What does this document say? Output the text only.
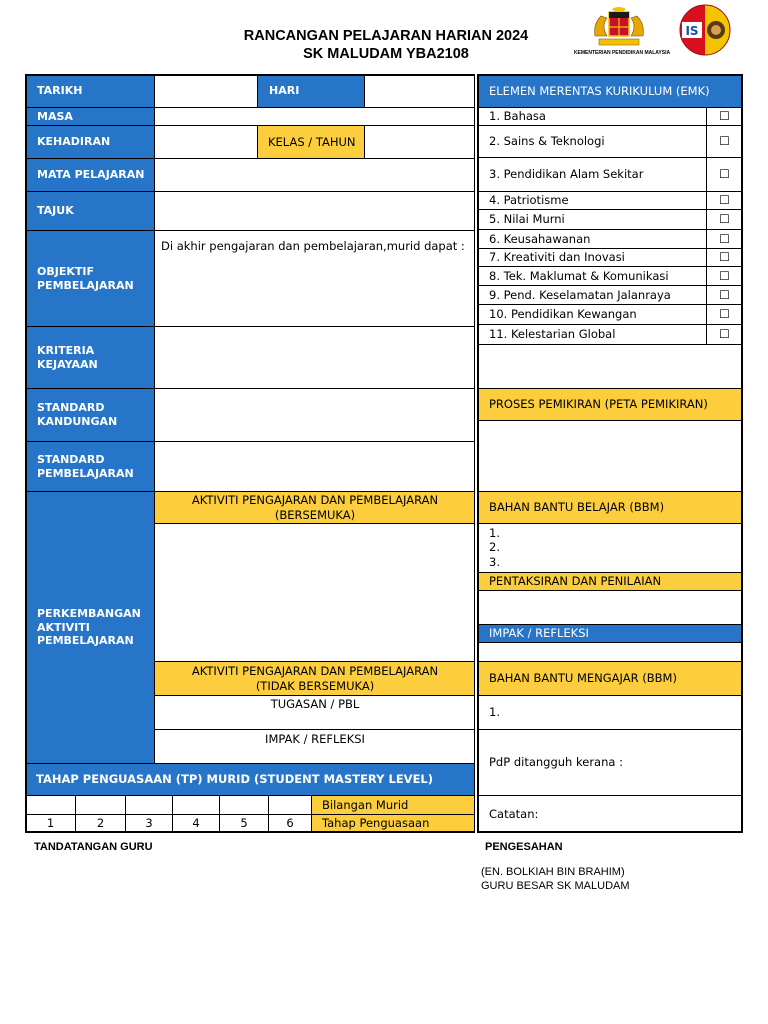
RANCANGAN PELAJARAN HARIAN 2024
SK MALUDAM YBA2108	KEMENTERIAN PENDIDIKAN MALAYSIA
IS
TARIKH	HARI
MASA
KEHADIRAN	KELAS / TAHUN
MATA PELAJARAN
TAJUK
OBJEKTIF PEMBELAJARAN
Di akhir pengajaran dan pembelajaran,murid dapat :
KRITERIA KEJAYAAN
STANDARD KANDUNGAN
STANDARD PEMBELAJARAN
PERKEMBANGAN AKTIVITI PEMBELAJARAN
AKTIVITI PENGAJARAN DAN PEMBELAJARAN (BERSEMUKA)
AKTIVITI PENGAJARAN DAN PEMBELAJARAN (TIDAK BERSEMUKA)
TUGASAN / PBL
IMPAK / REFLEKSI
TAHAP PENGUASAAN (TP) MURID (STUDENT MASTERY LEVEL)
Bilangan Murid
1	2	3	4	5	6	Tahap Penguasaan
ELEMEN MERENTAS KURIKULUM (EMK)
1. Bahasa	☐
2. Sains & Teknologi	☐
3. Pendidikan Alam Sekitar	☐
4. Patriotisme	☐
5. Nilai Murni	☐
6. Keusahawanan	☐
7. Kreativiti dan Inovasi	☐
8. Tek. Maklumat & Komunikasi	☐
9. Pend. Keselamatan Jalanraya	☐
10. Pendidikan Kewangan	☐
11. Kelestarian Global	☐
PROSES PEMIKIRAN (PETA PEMIKIRAN)
BAHAN BANTU BELAJAR (BBM)
1.
2.
3.
PENTAKSIRAN DAN PENILAIAN
IMPAK / REFLEKSI
BAHAN BANTU MENGAJAR (BBM)
1.
PdP ditangguh kerana :
Catatan:
TANDATANGAN GURU	PENGESAHAN
(EN. BOLKIAH BIN BRAHIM)
GURU BESAR SK MALUDAM
